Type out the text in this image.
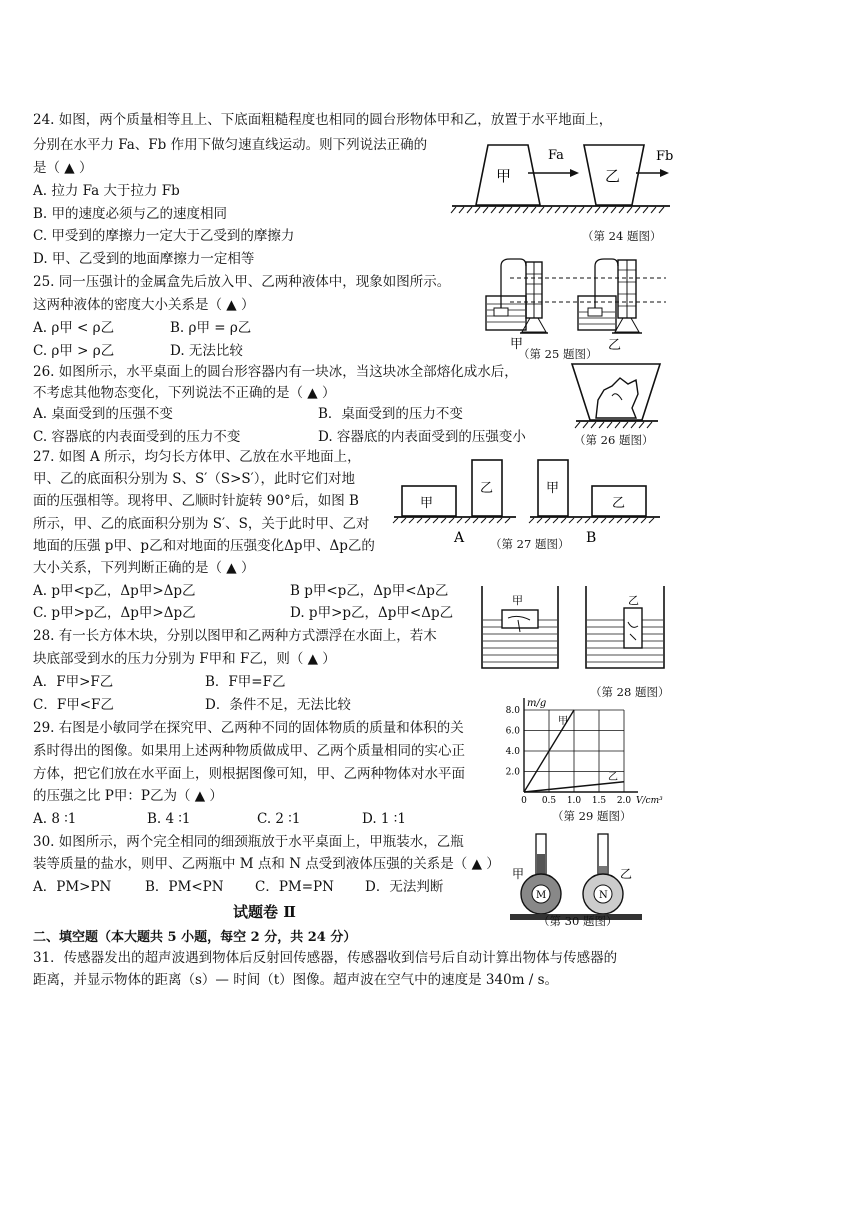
24. 如图，两个质量相等且上、下底面粗糙程度也相同的圆台形物体甲和乙，放置于水平地面上，
分别在水平力 Fa、Fb 作用下做匀速直线运动。则下列说法正确的
是（ ▲ ）
A. 拉力 Fa 大于拉力 Fb
B. 甲的速度必须与乙的速度相同
C. 甲受到的摩擦力一定大于乙受到的摩擦力
D. 甲、乙受到的地面摩擦力一定相等
甲
Fa
乙
Fb
（第 24 题图）
25. 同一压强计的金属盒先后放入甲、乙两种液体中，现象如图所示。
这两种液体的密度大小关系是（ ▲ ）
A. ρ甲 < ρ乙	B. ρ甲 = ρ乙
C. ρ甲 > ρ乙	D. 无法比较	甲	乙
（第 25 题图）
26. 如图所示，水平桌面上的圆台形容器内有一块冰，当这块冰全部熔化成水后，
不考虑其他物态变化，下列说法不正确的是（ ▲ ）
A. 桌面受到的压强不变	B．桌面受到的压力不变
C. 容器底的内表面受到的压力不变	D. 容器底的内表面受到的压强变小	（第 26 题图）
27. 如图 A 所示，均匀长方体甲、乙放在水平地面上，
甲、乙的底面积分别为 S、S′（S>S′），此时它们对地
面的压强相等。现将甲、乙顺时针旋转 90°后，如图 B
所示，甲、乙的底面积分别为 S′、S，关于此时甲、乙对
地面的压强 p甲、p乙和对地面的压强变化Δp甲、Δp乙的
大小关系，下列判断正确的是（ ▲ ）
A. p甲<p乙，Δp甲>Δp乙	B p甲<p乙，Δp甲<Δp乙
C. p甲>p乙，Δp甲>Δp乙	D. p甲>p乙，Δp甲<Δp乙
甲
乙
A
甲
乙
B
（第 27 题图）
28. 有一长方体木块，分别以图甲和乙两种方式漂浮在水面上，若木
块底部受到水的压力分别为 F甲和 F乙，则（ ▲ ）
A．F甲>F乙	B．F甲=F乙
C．F甲<F乙	D．条件不足，无法比较
甲	乙
（第 28 题图）
29. 右图是小敏同学在探究甲、乙两种不同的固体物质的质量和体积的关
系时得出的图像。如果用上述两种物质做成甲、乙两个质量相同的实心正
方体，把它们放在水平面上，则根据图像可知，甲、乙两种物体对水平面
的压强之比 P甲：P乙为（ ▲ ）
A. 8 ∶1	B. 4 ∶1	C. 2 ∶1	D. 1 ∶1
2.0
4.0
6.0
8.0
0 0.5 1.0 1.5 2.0
甲
乙
m/g
V/cm³
（第 29 题图）
30. 如图所示，两个完全相同的细颈瓶放于水平桌面上，甲瓶装水，乙瓶
装等质量的盐水，则甲、乙两瓶中 M 点和 N 点受到液体压强的关系是（ ▲ ）
A．PM>PN B．PM<PN C．PM=PN D．无法判断
M
甲
N
乙
（第 30 题图）
试题卷 Ⅱ
二、填空题（本大题共 5 小题，每空 2 分，共 24 分）
31．传感器发出的超声波遇到物体后反射回传感器，传感器收到信号后自动计算出物体与传感器的
距离，并显示物体的距离（s）— 时间（t）图像。超声波在空气中的速度是 340m / s。
